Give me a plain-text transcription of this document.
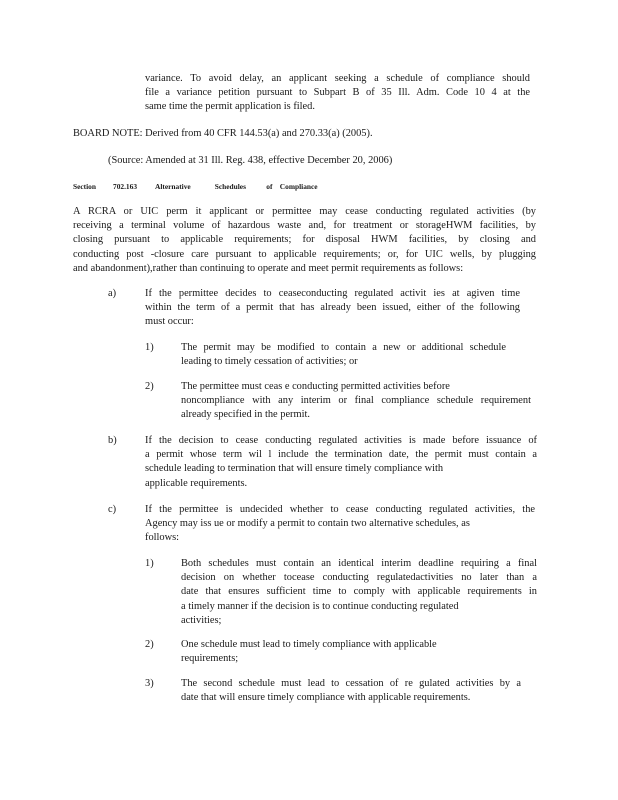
variance. To avoid delay, an applicant seeking a schedule of compliance should
file a variance petition pursuant to Subpart B of 35 Ill. Adm. Code 10 4 at the
same time the permit application is filed.
BOARD NOTE: Derived from 40 CFR 144.53(a) and 270.33(a) (2005).
(Source: Amended at 31 Ill. Reg. 438, effective December 20, 2006)
Section 702.163 Alternative             Schedules           of    Compliance
A RCRA or UIC perm it applicant or permittee may cease conducting regulated activities (by
receiving a terminal volume of hazardous waste and, for treatment or storageHWM facilities, by
closing pursuant to applicable requirements; for disposal HWM facilities, by closing and
conducting post -closure care pursuant to applicable requirements; or, for UIC wells, by plugging
and abandonment),rather than continuing to operate and meet permit requirements as follows:
a)	If the permittee decides to ceaseconducting regulated activit ies at agiven time
within the term of a permit that has already been issued, either of the following
must occur:
1)	The permit may be modified to contain a new or additional schedule
leading to timely cessation of activities; or
2)	The permittee must ceas e conducting permitted activities before
noncompliance with any interim or final compliance schedule requirement
already specified in the permit.
b)	If the decision to cease conducting regulated activities is made before issuance of
a permit whose term wil l include the termination date, the permit must contain a
schedule leading to termination that will ensure timely compliance with
applicable requirements.
c)	If the permittee is undecided whether to cease conducting regulated activities, the
Agency may iss ue or modify a permit to contain two alternative schedules, as
follows:
1)	Both schedules must contain an identical interim deadline requiring a final
decision on whether tocease conducting regulatedactivities no later than a
date that ensures sufficient time to comply with applicable requirements in
a timely manner if the decision is to continue conducting regulated
activities;
2)	One schedule must lead to timely compliance with applicable
requirements;
3)	The second schedule must lead to cessation of re gulated activities by a
date that will ensure timely compliance with applicable requirements.
